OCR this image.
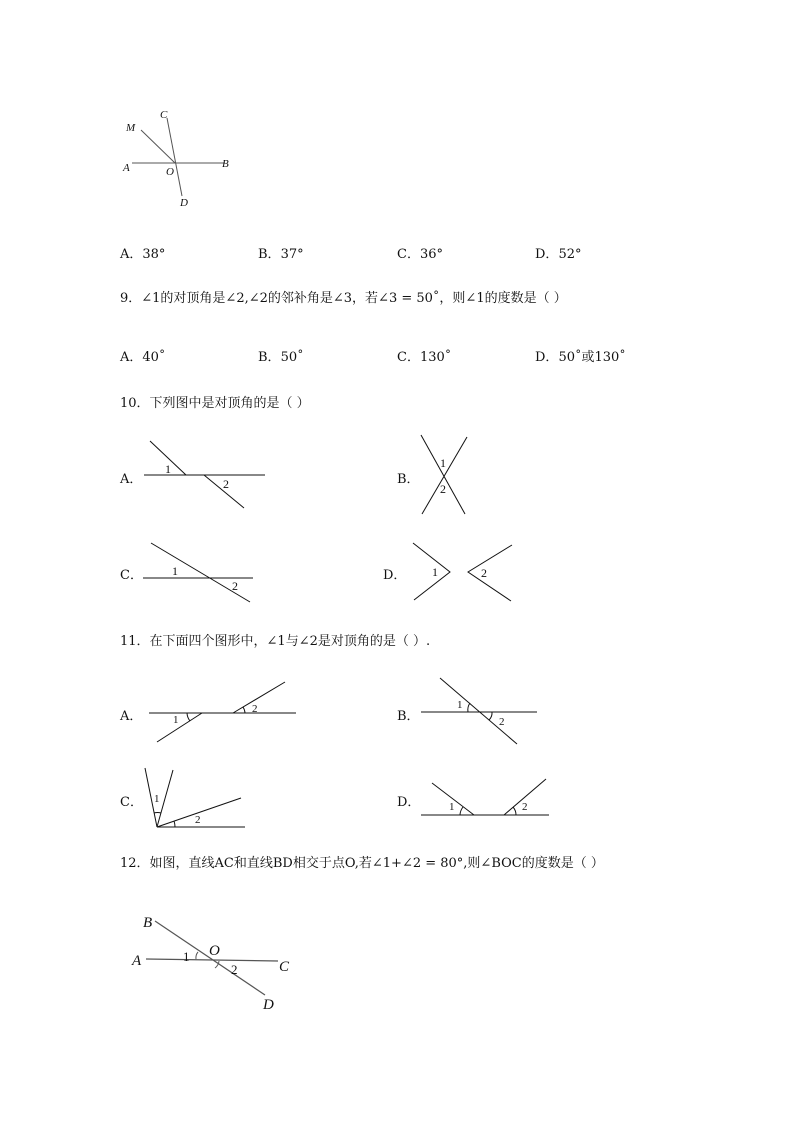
M
C
A	O
B
D
A．38°	B．37°	C．36°	D．52°
9．∠1的对顶角是∠2,∠2的邻补角是∠3，若∠3 = 50˚，则∠1的度数是（ ）
A．40˚	B．50˚	C．130˚	D．50˚或130˚
10．下列图中是对顶角的是（ ）
A．
1
2	B．
1
2
C． 1
2
D． 1	2
11．在下面四个图形中，∠1与∠2是对顶角的是（ ）.
A．	1
2	B．
1
2
C． 1
2
D．	1	2
12．如图，直线AC和直线BD相交于点O,若∠1+∠2 = 80°,则∠BOC的度数是（ ）
B
A
O
C
D
1
2
